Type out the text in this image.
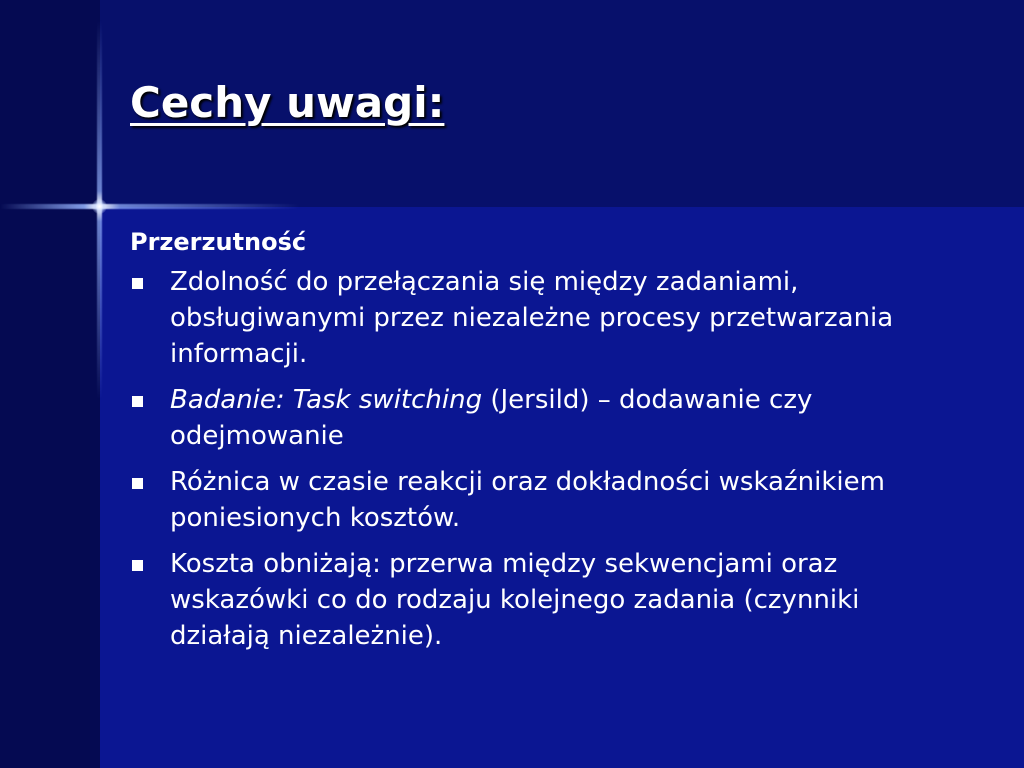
Cechy uwagi:
Przerzutność
Zdolność do przełączania się między zadaniami, obsługiwanymi przez niezależne procesy przetwarzania informacji.
Badanie: Task switching (Jersild) – dodawanie czy odejmowanie
Różnica w czasie reakcji oraz dokładności wskaźnikiem poniesionych kosztów.
Koszta obniżają: przerwa między sekwencjami oraz wskazówki co do rodzaju kolejnego zadania (czynniki działają niezależnie).
